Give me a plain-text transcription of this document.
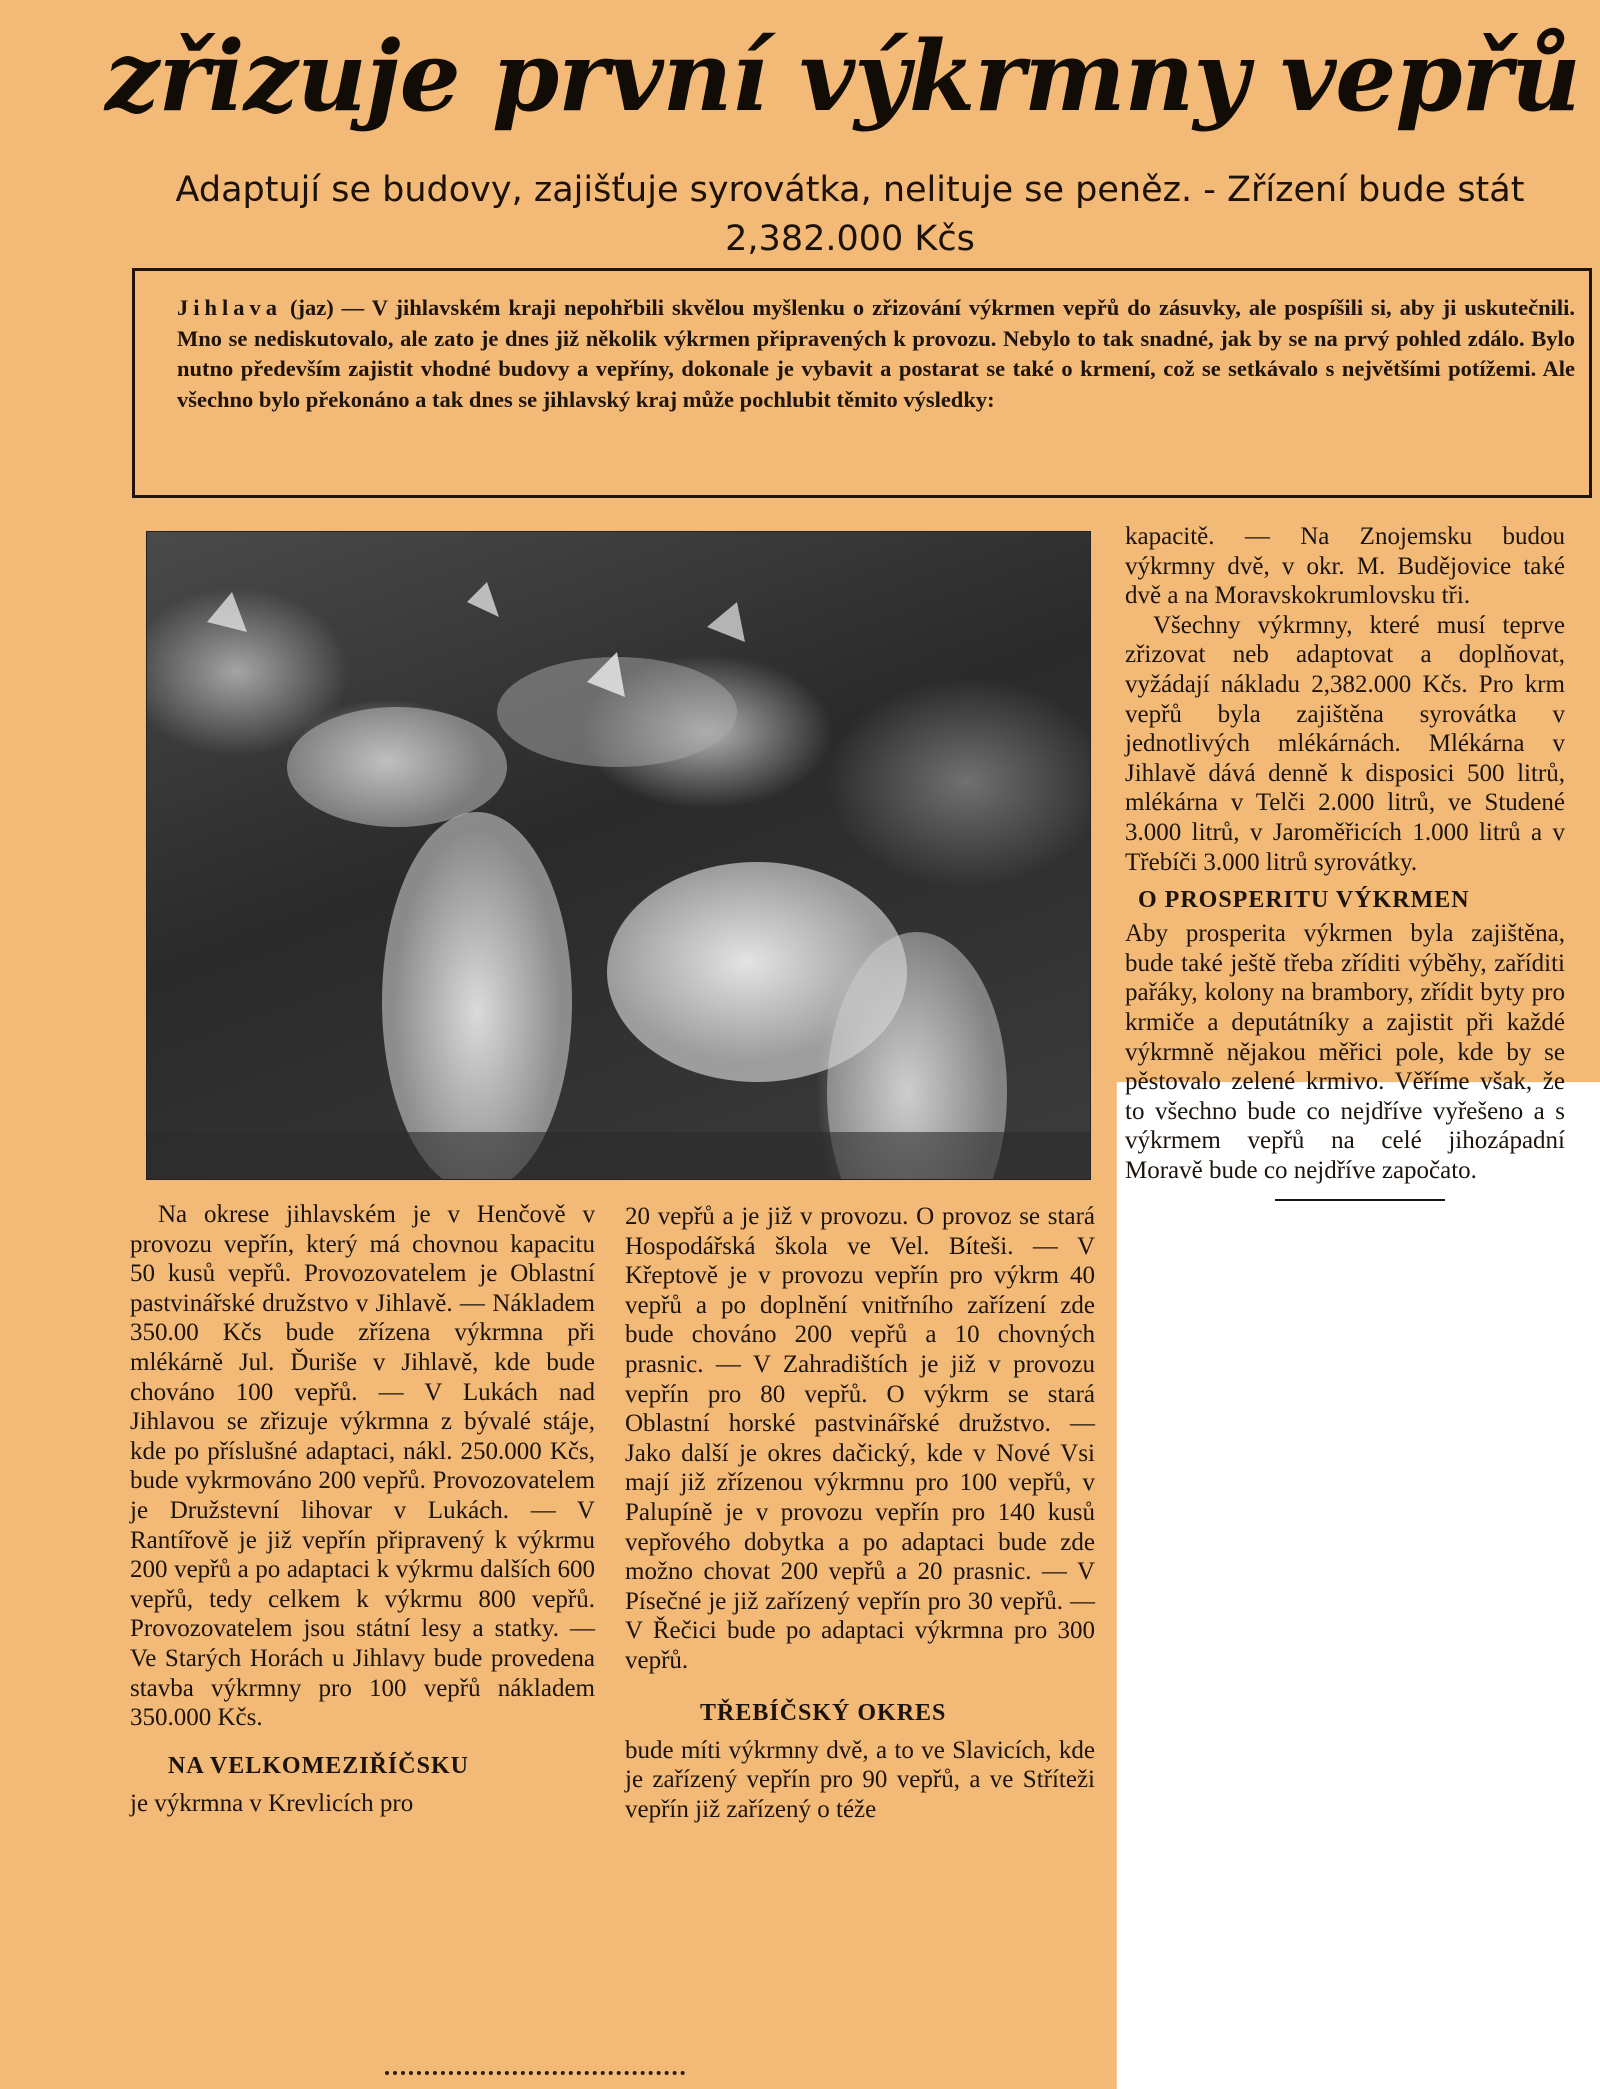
zřizuje první výkrmny vepřů
Adaptují se budovy, zajišťuje syrovátka, nelituje se peněz. - Zřízení bude stát 2,382.000 Kčs

Jihlava (jaz) — V jihlavském kraji nepohřbili skvělou myšlenku o zřizování výkrmen vepřů do zásuvky, ale pospíšili si, aby ji uskutečnili. Mno se nediskutovalo, ale zato je dnes již několik výkrmen připravených k provozu. Nebylo to tak snadné, jak by se na prvý pohled zdálo. Bylo nutno především zajistit vhodné budovy a vepříny, dokonale je vybavit a postarat se také o krmení, což se setkávalo s největšími potížemi. Ale všechno bylo překonáno a tak dnes se jihlavský kraj může pochlubit těmito výsledky:

Na okrese jihlavském je v Henčově v provozu vepřín, který má chovnou kapacitu 50 kusů vepřů. Provozovatelem je Oblastní pastvinářské družstvo v Jihlavě. — Nákladem 350.00 Kčs bude zřízena výkrmna při mlékárně Jul. Ďuriše v Jihlavě, kde bude chováno 100 vepřů. — V Lukách nad Jihlavou se zřizuje výkrmna z bývalé stáje, kde po příslušné adaptaci, nákl. 250.000 Kčs, bude vykrmováno 200 vepřů. Provozovatelem je Družstevní lihovar v Lukách. — V Rantířově je již vepřín připravený k výkrmu 200 vepřů a po adaptaci k výkrmu dalších 600 vepřů, tedy celkem k výkrmu 800 vepřů. Provozovatelem jsou státní lesy a statky. — Ve Starých Horách u Jihlavy bude provedena stavba výkrmny pro 100 vepřů nákladem 350.000 Kčs.

NA VELKOMEZIŘÍČSKU

je výkrmna v Krevlicích pro

20 vepřů a je již v provozu. O provoz se stará Hospodářská škola ve Vel. Bíteši. — V Křeptově je v provozu vepřín pro výkrm 40 vepřů a po doplnění vnitřního zařízení zde bude chováno 200 vepřů a 10 chovných prasnic. — V Zahradištích je již v provozu vepřín pro 80 vepřů. O výkrm se stará Oblastní horské pastvinářské družstvo. — Jako další je okres dačický, kde v Nové Vsi mají již zřízenou výkrmnu pro 100 vepřů, v Palupíně je v provozu vepřín pro 140 kusů vepřového dobytka a po adaptaci bude zde možno chovat 200 vepřů a 20 prasnic. — V Písečné je již zařízený vepřín pro 30 vepřů. — V Řečici bude po adaptaci výkrmna pro 300 vepřů.

TŘEBÍČSKÝ OKRES

bude míti výkrmny dvě, a to ve Slavicích, kde je zařízený vepřín pro 90 vepřů, a ve Stříteži vepřín již zařízený o téže

kapacitě. — Na Znojemsku budou výkrmny dvě, v okr. M. Budějovice také dvě a na Moravskokrumlovsku tři.

Všechny výkrmny, které musí teprve zřizovat neb adaptovat a doplňovat, vyžádají nákladu 2,382.000 Kčs. Pro krm vepřů byla zajištěna syrovátka v jednotlivých mlékárnách. Mlékárna v Jihlavě dává denně k disposici 500 litrů, mlékárna v Telči 2.000 litrů, ve Studené 3.000 litrů, v Jaroměřicích 1.000 litrů a v Třebíči 3.000 litrů syrovátky.

O PROSPERITU VÝKRMEN

Aby prosperita výkrmen byla zajištěna, bude také ještě třeba zříditi výběhy, zaříditi pařáky, kolony na brambory, zřídit byty pro krmiče a deputátníky a zajistit při každé výkrmně nějakou měřici pole, kde by se pěstovalo zelené krmivo. Věříme však, že to všechno bude co nejdříve vyřešeno a s výkrmem vepřů na celé jihozápadní Moravě bude co nejdříve započato.
